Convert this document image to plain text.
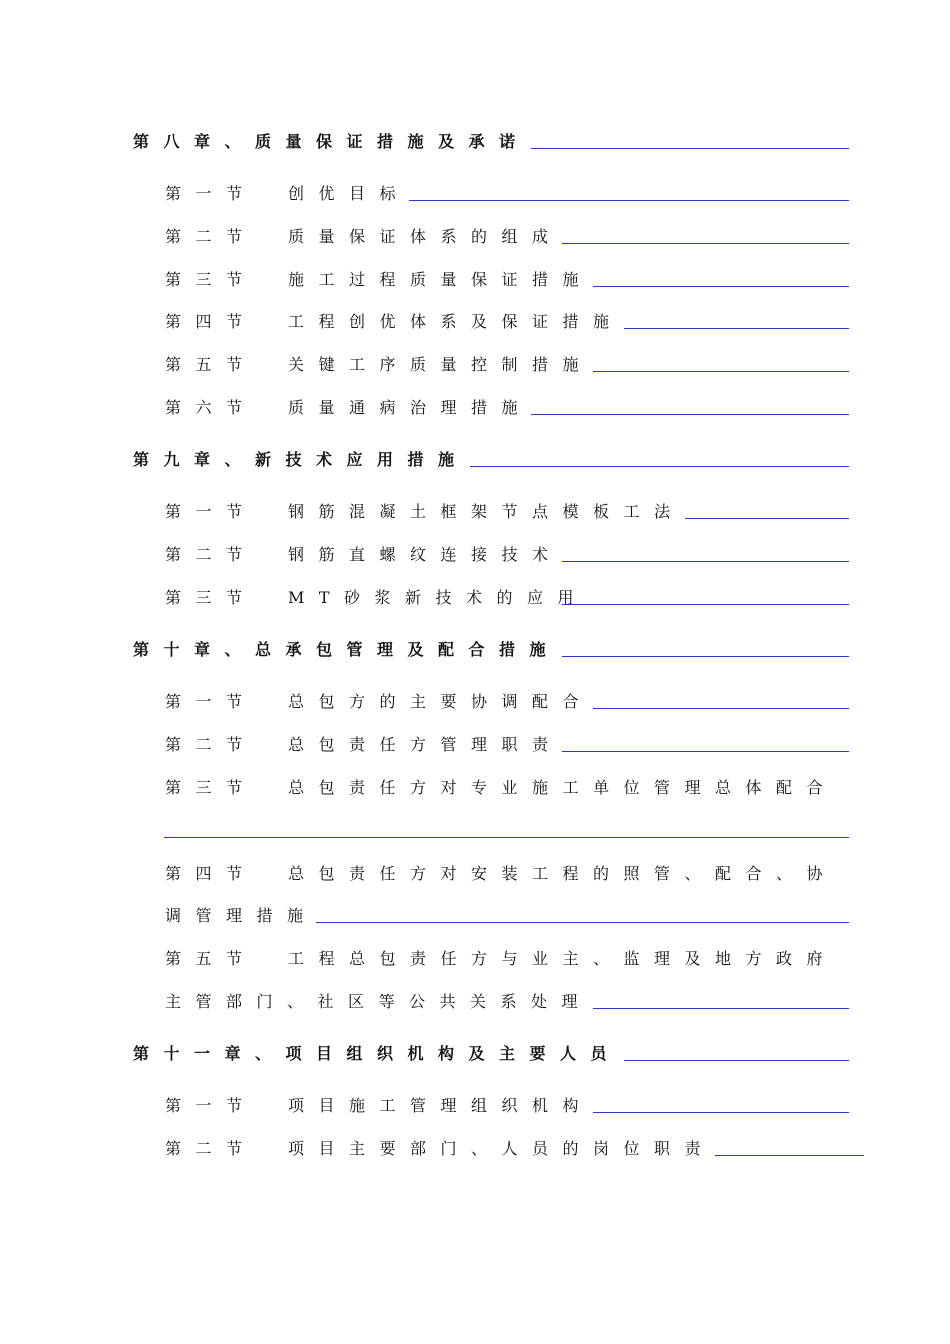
第八章、质量保证措施及承诺
第一节	创优目标
第二节	质量保证体系的组成
第三节	施工过程质量保证措施
第四节	工程创优体系及保证措施
第五节	关键工序质量控制措施
第六节	质量通病治理措施
第九章、新技术应用措施
第一节	钢筋混凝土框架节点模板工法
第二节	钢筋直螺纹连接技术
第三节	MT砂浆新技术的应用
第十章、总承包管理及配合措施
第一节	总包方的主要协调配合
第二节	总包责任方管理职责
第三节	总包责任方对专业施工单位管理总体配合
第四节	总包责任方对安装工程的照管、配合、协
调管理措施
第五节	工程总包责任方与业主、监理及地方政府
主管部门、社区等公共关系处理
第十一章、项目组织机构及主要人员
第一节	项目施工管理组织机构
第二节	项目主要部门、人员的岗位职责
